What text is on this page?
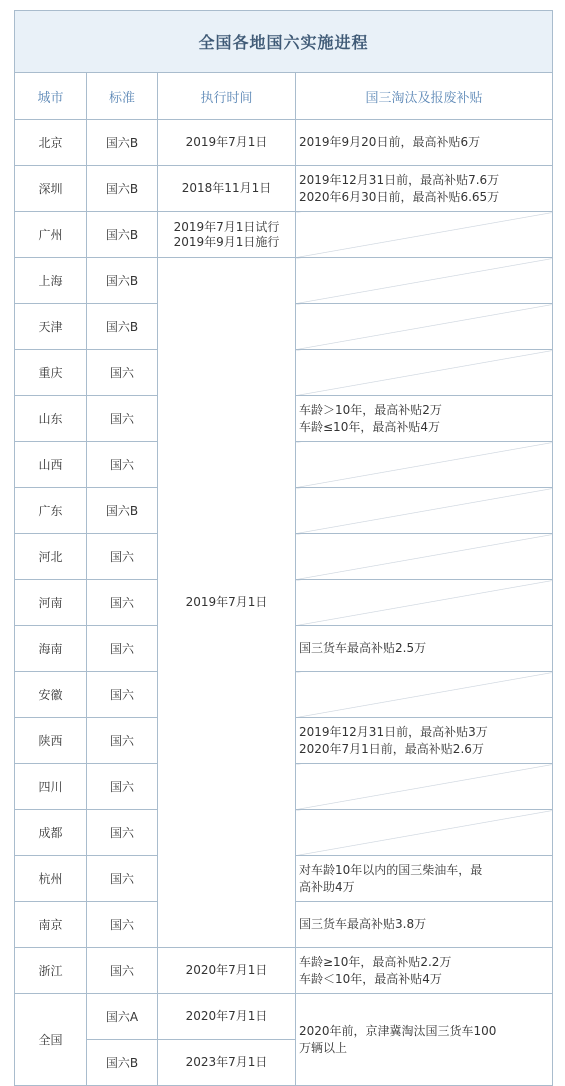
全国各地国六实施进程			
城市	标准	执行时间	国三淘汰及报废补贴
北京	国六B	2019年7月1日	2019年9月20日前，最高补贴6万

深圳	国六B	2018年11月1日	2019年12月31日前，最高补贴7.6万
2020年6月30日前，最高补贴6.65万

广州	国六B	2019年7月1日试行
2019年9月1日施行	

上海	国六B	2019年7月1日	
天津	国六B		
重庆	国六		
山东	国六		车龄＞10年，最高补贴2万
车龄≤10年，最高补贴4万

山西	国六		
广东	国六B		
河北	国六		
河南	国六		
海南	国六		国三货车最高补贴2.5万

安徽	国六		
陕西	国六		2019年12月31日前，最高补贴3万
2020年7月1日前，最高补贴2.6万

四川	国六		
成都	国六		
杭州	国六		对车龄10年以内的国三柴油车，最
高补助4万

南京	国六		国三货车最高补贴3.8万

浙江	国六	2020年7月1日	车龄≥10年，最高补贴2.2万
车龄＜10年，最高补贴4万

全国	国六A	2020年7月1日	2020年前，京津冀淘汰国三货车100
万辆以上

	国六B	2023年7月1日	
